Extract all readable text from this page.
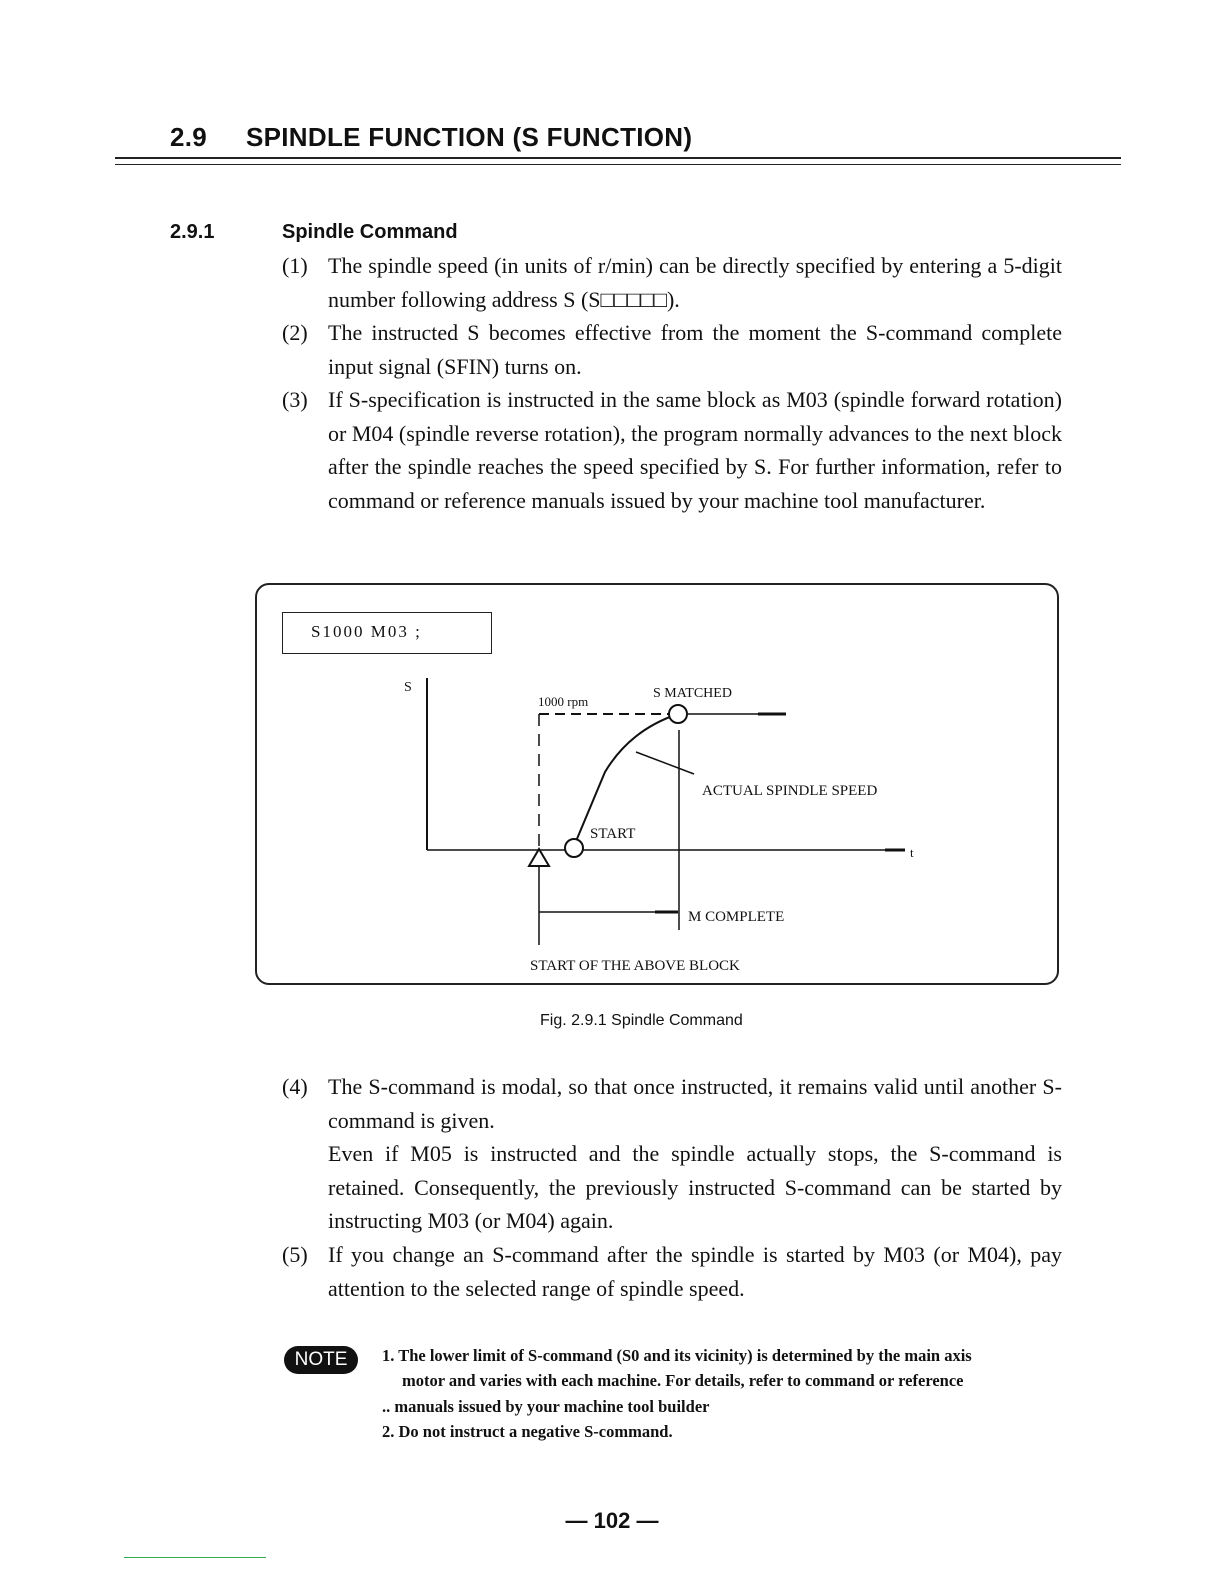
2.9 SPINDLE FUNCTION (S FUNCTION)
2.9.1	Spindle Command
(1) The spindle speed (in units of r/min) can be directly specified by entering a 5-digit number following address S (S□□□□□).
(2) The instructed S becomes effective from the moment the S-command complete input signal (SFIN) turns on.
(3) If S-specification is instructed in the same block as M03 (spindle forward rotation) or M04 (spindle reverse rotation), the program normally advances to the next block after the spindle reaches the speed specified by S. For further information, refer to command or reference manuals issued by your machine tool manufacturer.
S1000 M03 ;
S
t
1000 rpm
S MATCHED
ACTUAL SPINDLE SPEED
START
M COMPLETE
START OF THE ABOVE BLOCK
Fig. 2.9.1 Spindle Command
(4) The S-command is modal, so that once instructed, it remains valid until another S-command is given.
Even if M05 is instructed and the spindle actually stops, the S-command is retained. Consequently, the previously instructed S-command can be started by instructing M03 (or M04) again.
(5) If you change an S-command after the spindle is started by M03 (or M04), pay attention to the selected range of spindle speed.
NOTE	1. The lower limit of S-command (S0 and its vicinity) is determined by the main axis
motor and varies with each machine. For details, refer to command or reference
.. manuals issued by your machine tool builder
2. Do not instruct a negative S-command.
— 102 —
